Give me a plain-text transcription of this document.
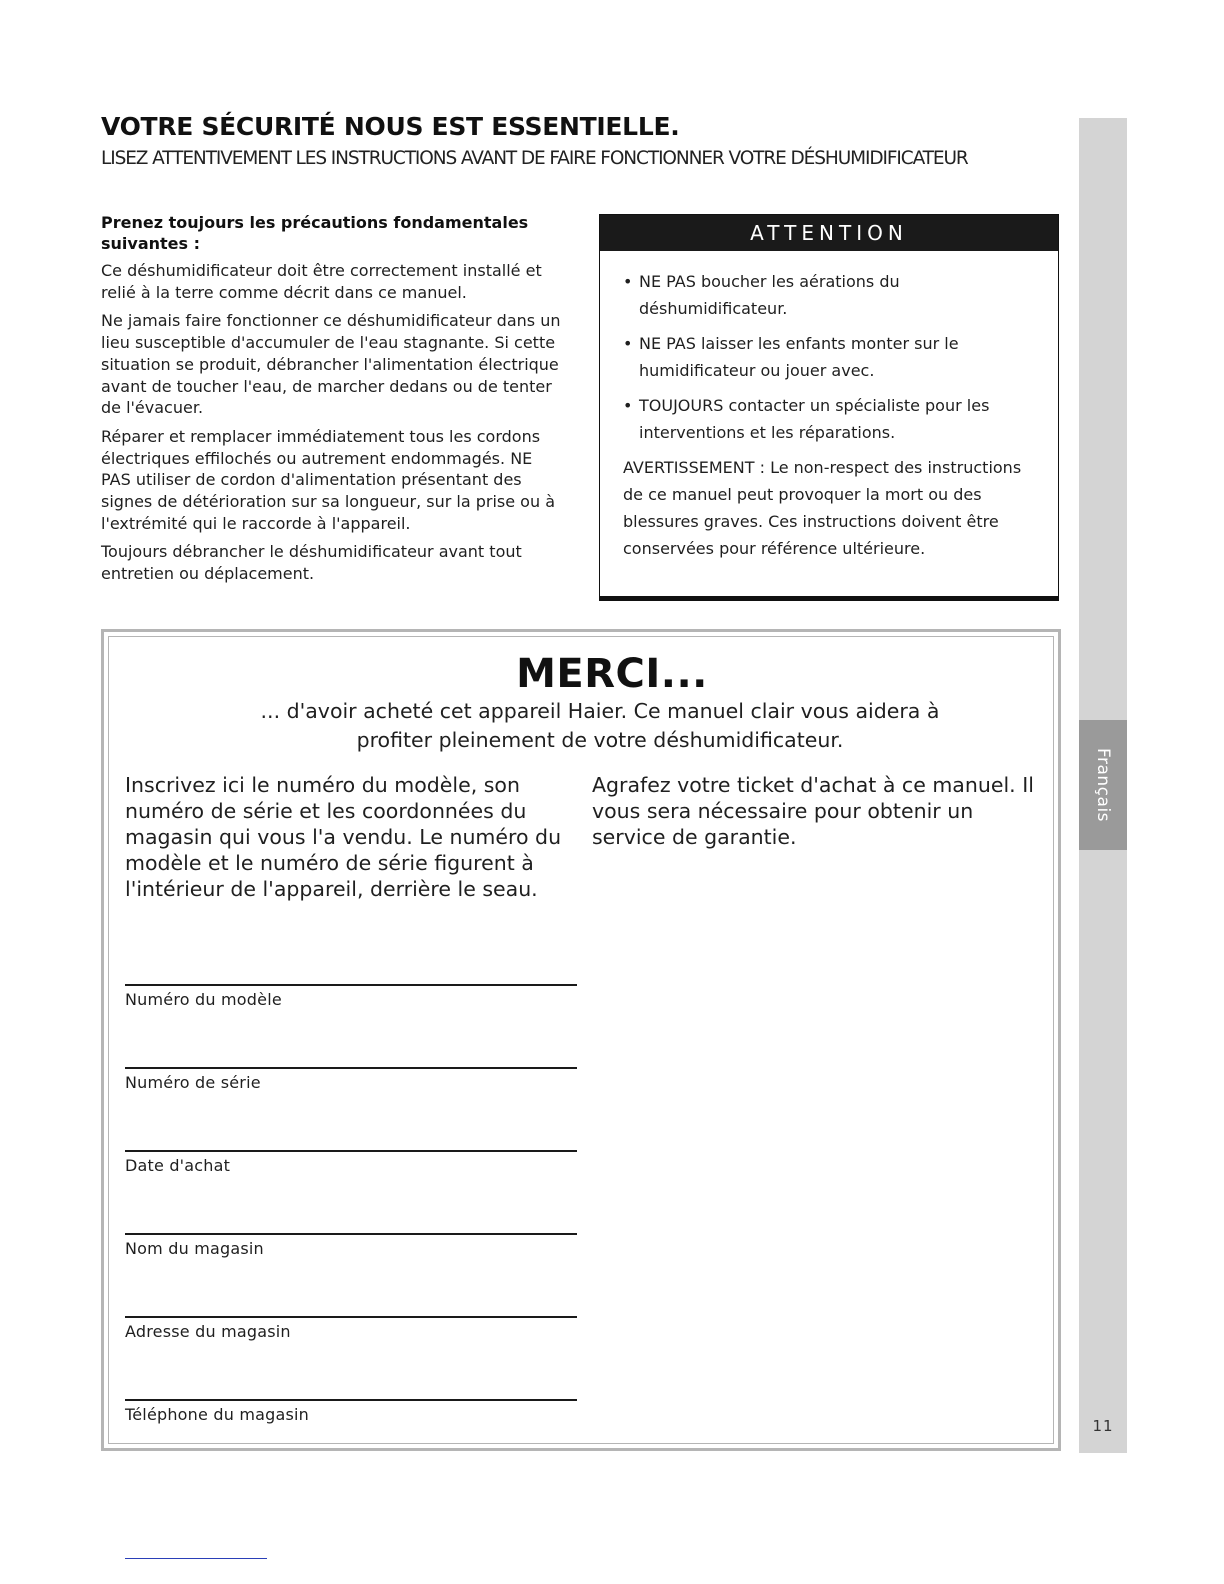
Français
11
VOTRE SÉCURITÉ NOUS EST ESSENTIELLE.

LISEZ ATTENTIVEMENT LES INSTRUCTIONS AVANT DE FAIRE FONCTIONNER VOTRE DÉSHUMIDIFICATEUR

Prenez toujours les précautions fondamentales suivantes :

Ce déshumidificateur doit être correctement installé et relié à la terre comme décrit dans ce manuel.

Ne jamais faire fonctionner ce déshumidificateur dans un lieu susceptible d'accumuler de l'eau stagnante. Si cette situation se produit, débrancher l'alimentation électrique avant de toucher l'eau, de marcher dedans ou de tenter de l'évacuer.

Réparer et remplacer immédiatement tous les cordons électriques effilochés ou autrement endommagés. NE PAS utiliser de cordon d'alimentation présentant des signes de détérioration sur sa longueur, sur la prise ou à l'extrémité qui le raccorde à l'appareil.

Toujours débrancher le déshumidificateur avant tout entretien ou déplacement.

ATTENTION
• NE PAS boucher les aérations du déshumidificateur.
• NE PAS laisser les enfants monter sur le humidificateur ou jouer avec.
• TOUJOURS contacter un spécialiste pour les interventions et les réparations.
AVERTISSEMENT : Le non-respect des instructions de ce manuel peut provoquer la mort ou des blessures graves. Ces instructions doivent être conservées pour référence ultérieure.
MERCI...

... d'avoir acheté cet appareil Haier. Ce manuel clair vous aidera à profiter pleinement de votre déshumidificateur.

Inscrivez ici le numéro du modèle, son numéro de série et les coordonnées du magasin qui vous l'a vendu. Le numéro du modèle et le numéro de série figurent à l'intérieur de l'appareil, derrière le seau.

Agrafez votre ticket d'achat à ce manuel. Il vous sera nécessaire pour obtenir un service de garantie.

Numéro du modèle
Numéro de série
Date d'achat
Nom du magasin
Adresse du magasin
Téléphone du magasin
